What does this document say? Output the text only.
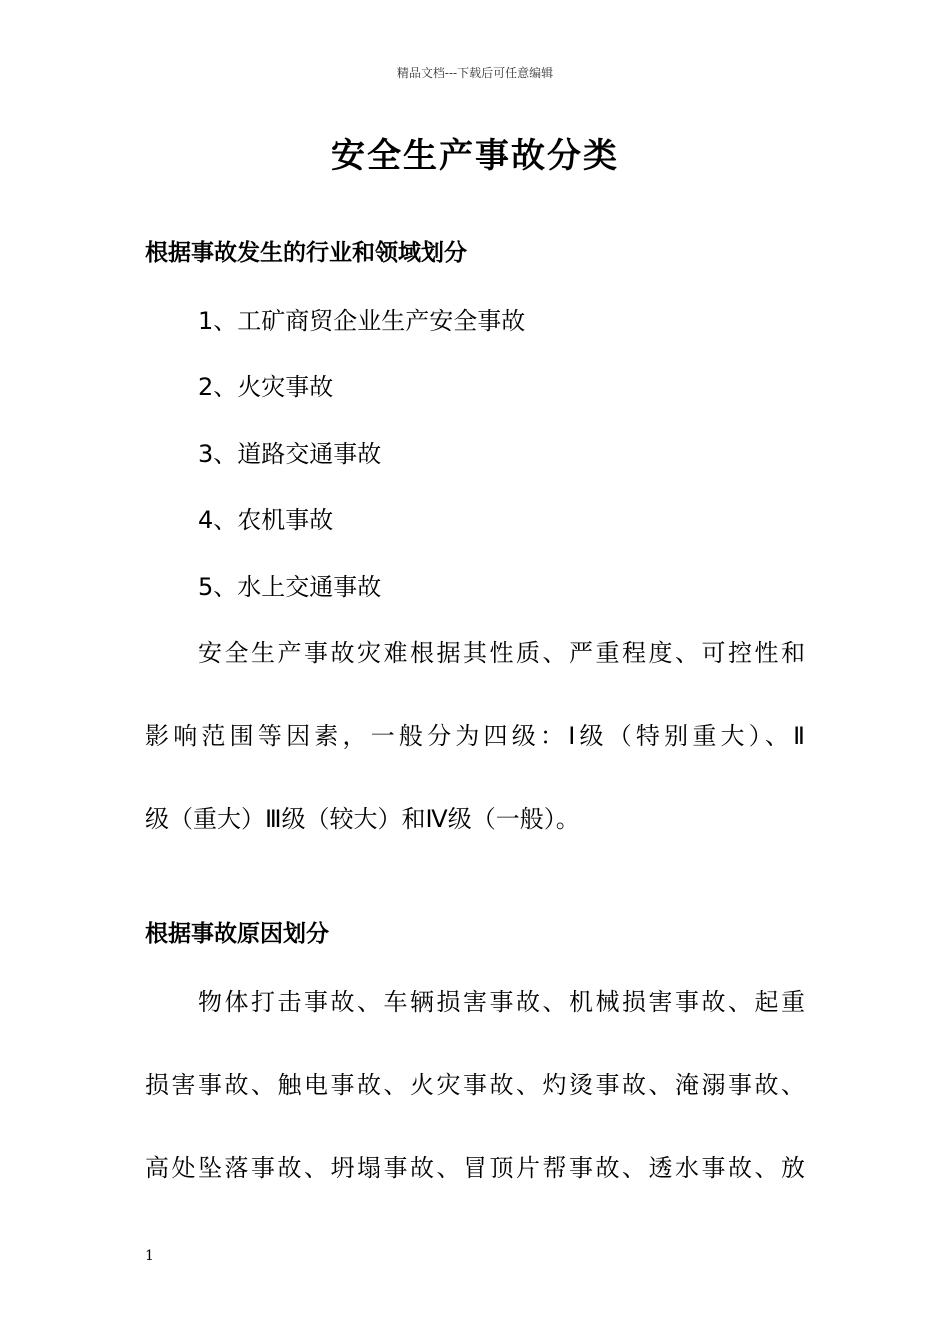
精品文档---下载后可任意编辑
安全生产事故分类
根据事故发生的行业和领域划分
1、工矿商贸企业生产安全事故
2、火灾事故
3、道路交通事故
4、农机事故
5、水上交通事故
安全生产事故灾难根据其性质、严重程度、可控性和
影响范围等因素，一般分为四级：Ⅰ级（特别重大）、Ⅱ
级（重大）Ⅲ级（较大）和Ⅳ级（一般）。
根据事故原因划分
物体打击事故、车辆损害事故、机械损害事故、起重
损害事故、触电事故、火灾事故、灼烫事故、淹溺事故、
高处坠落事故、坍塌事故、冒顶片帮事故、透水事故、放
1
